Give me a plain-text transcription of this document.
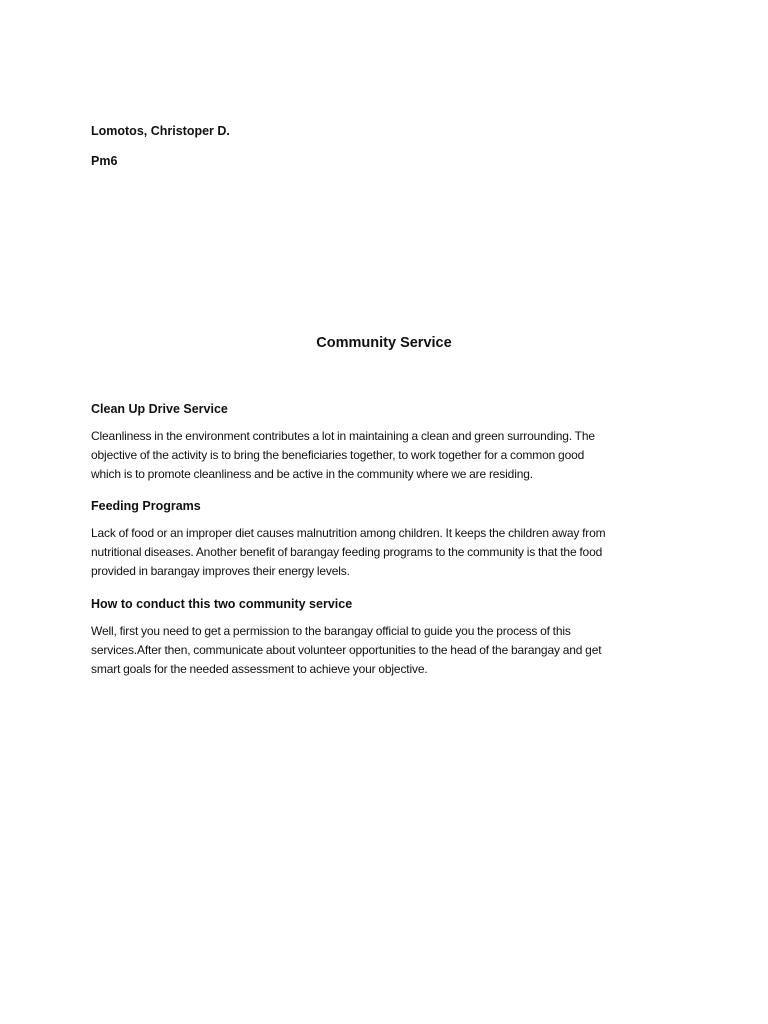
Lomotos, Christoper D.
Pm6
Community Service

Clean Up Drive Service

Cleanliness in the environment contributes a lot in maintaining a clean and green surrounding. The
objective of the activity is to bring the beneficiaries together, to work together for a common good
which is to promote cleanliness and be active in the community where we are residing.

Feeding Programs

Lack of food or an improper diet causes malnutrition among children. It keeps the children away from
nutritional diseases. Another benefit of barangay feeding programs to the community is that the food
provided in barangay improves their energy levels.

How to conduct this two community service

Well, first you need to get a permission to the barangay official to guide you the process of this
services.After then, communicate about volunteer opportunities to the head of the barangay and get
smart goals for the needed assessment to achieve your objective.
